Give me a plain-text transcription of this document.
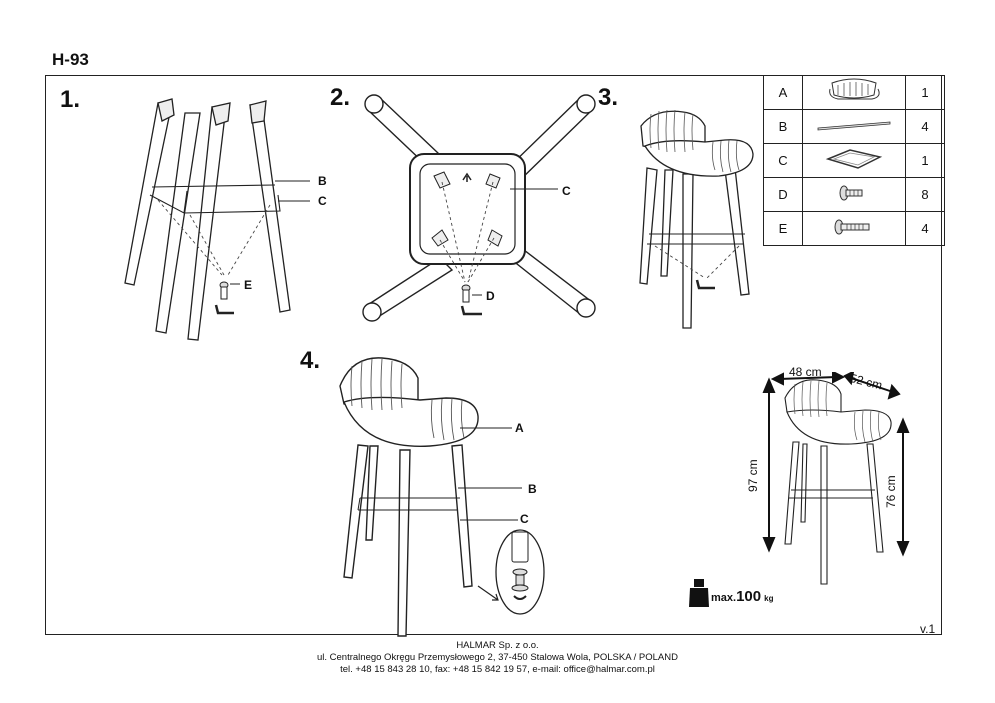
H-93
1.	2.	3.
4.
A		1
B		4
C		1
D		8
E		4
B
C
E
C
D
A
B
C
48 cm 52 cm
97 cm	76 cm
max.100 kg
v.1
HALMAR Sp. z o.o.
ul. Centralnego Okręgu Przemysłowego 2, 37-450 Stalowa Wola, POLSKA / POLAND
tel. +48 15 843 28 10, fax: +48 15 842 19 57, e-mail: office@halmar.com.pl
